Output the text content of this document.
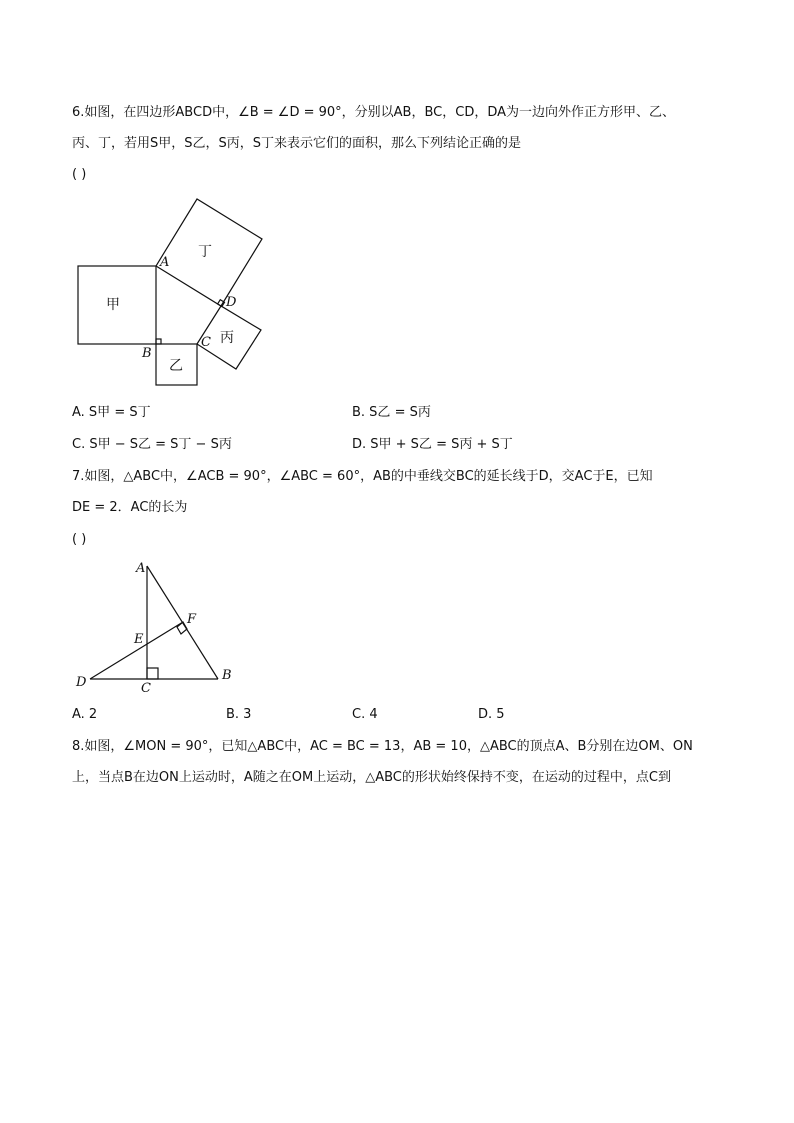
6.如图，在四边形ABCD中，∠B = ∠D = 90°，分别以AB，BC，CD，DA为一边向外作正方形甲、乙、
丙、丁，若用S甲，S乙，S丙，S丁来表示它们的面积，那么下列结论正确的是
( )
甲
乙
丙
丁
A
B
C
D
A. S甲 = S丁	B. S乙 = S丙
C. S甲 − S乙 = S丁 − S丙	D. S甲 + S乙 = S丙 + S丁
7.如图，△ABC中，∠ACB = 90°，∠ABC = 60°，AB的中垂线交BC的延长线于D，交AC于E，已知
DE = 2．AC的长为
( )
A
B
C
D
E
F
A. 2	B. 3	C. 4	D. 5
8.如图，∠MON = 90°，已知△ABC中，AC = BC = 13，AB = 10，△ABC的顶点A、B分别在边OM、ON
上，当点B在边ON上运动时，A随之在OM上运动，△ABC的形状始终保持不变，在运动的过程中，点C到
